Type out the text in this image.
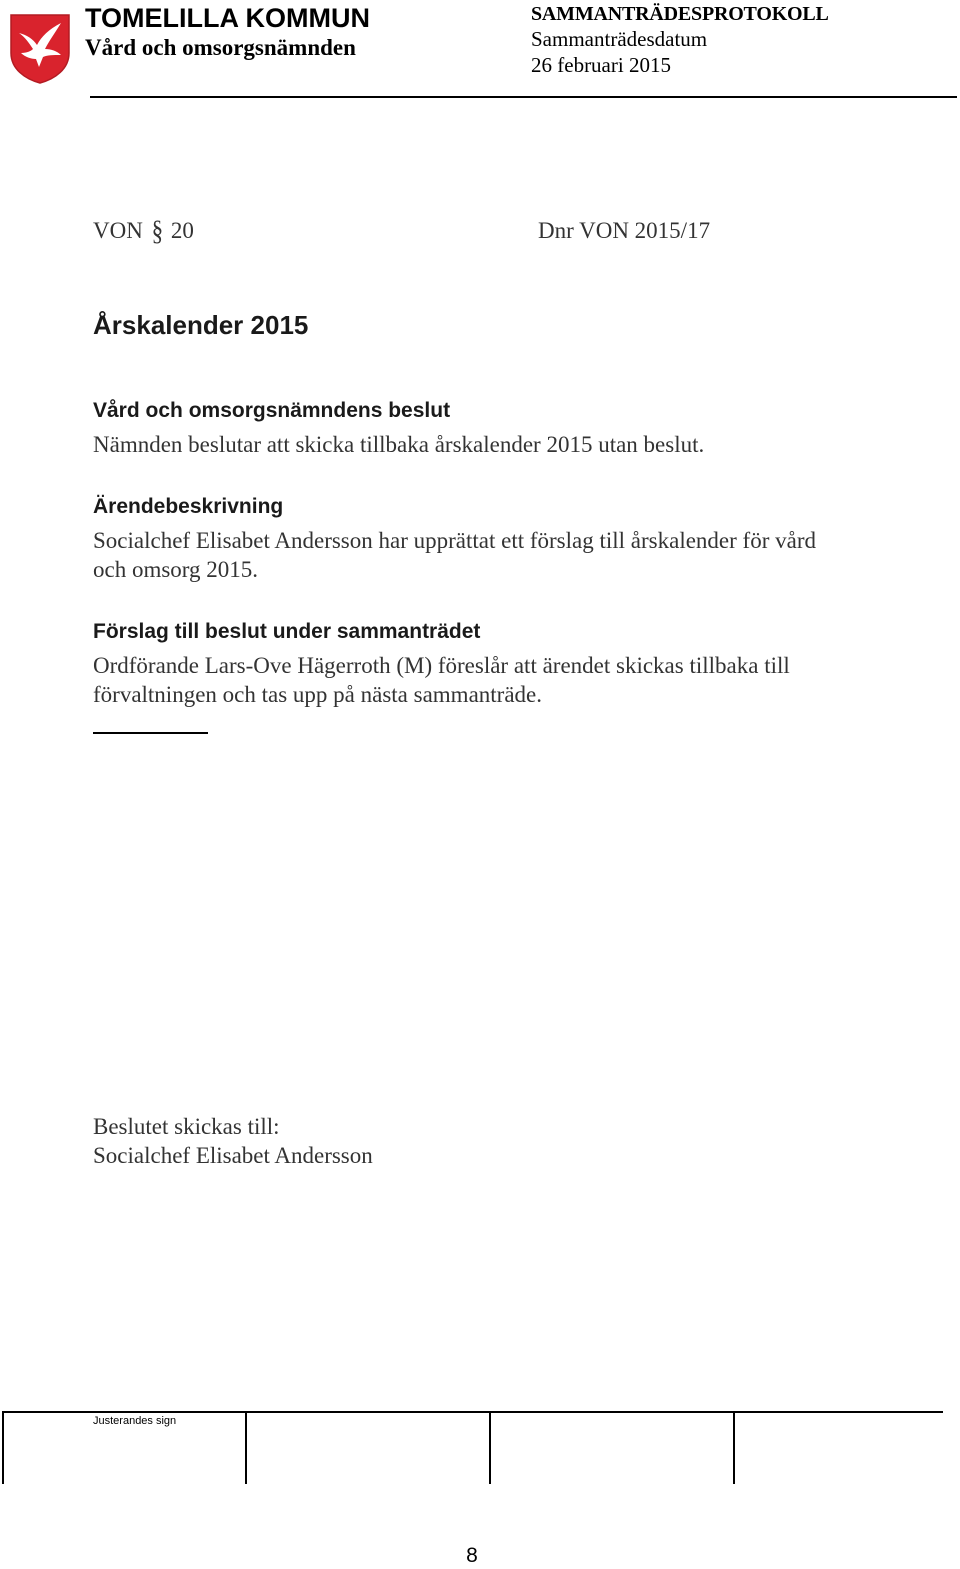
TOMELILLA KOMMUN
Vård och omsorgsnämnden
SAMMANTRÄDESPROTOKOLL
Sammanträdesdatum
26 februari 2015
VON § 20	Dnr VON 2015/17
Årskalender 2015
Vård och omsorgsnämndens beslut

Nämnden beslutar att skicka tillbaka årskalender 2015 utan beslut.

Ärendebeskrivning

Socialchef Elisabet Andersson har upprättat ett förslag till årskalender för vård och omsorg 2015.

Förslag till beslut under sammanträdet

Ordförande Lars-Ove Hägerroth (M) föreslår att ärendet skickas tillbaka till förvaltningen och tas upp på nästa sammanträde.

Beslutet skickas till:

Socialchef Elisabet Andersson

Justerandes sign
8
